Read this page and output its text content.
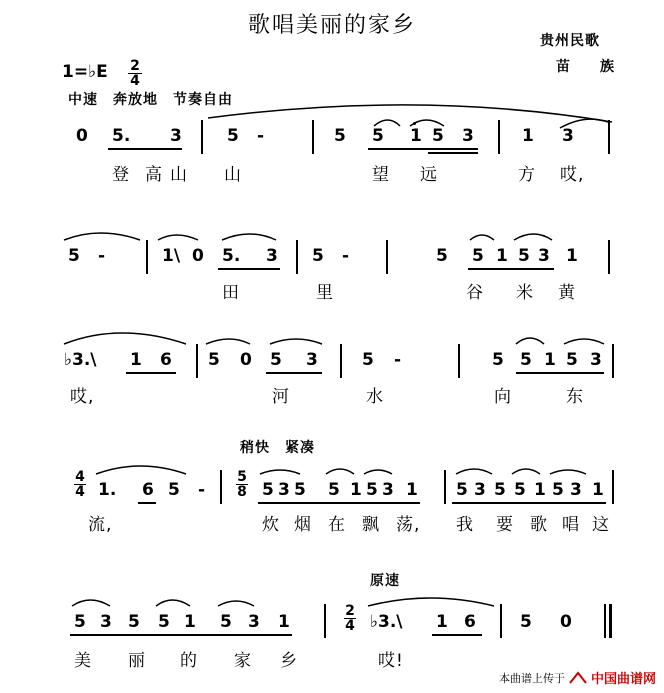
歌唱美丽的家乡
贵州民歌
苗　族
1=♭E $\frac{2}{4}$
中速　奔放地　节奏自由
稍快　紧凑
原速
0 5. 3	5 -	5 5 1 5 3	1 3
登 高 山 山	望 远	方 哎,
5 -	1\ 0 5. 3 5 -	5 5 1 5 3 1
田	里	谷 米 黄
♭3.\ 1 6 5 0 5 3	5 -	5 5 1 5 3
哎,	河	水	向	东
$\frac{4}{4} 1$. 6 $5 - \frac{5}{8} 5$ 3 5 5 1 5 3 1 5 3 5 5 1 5 3 1
流,	炊 烟 在 飘 荡, 我 要 歌 唱 这
5 3 5 5 1 5 3 1	$\frac{2}{4}$ ♭3.\ 1 6	5 0
美 丽 的 家 乡	哎!
本曲谱上传于 中国曲谱网
